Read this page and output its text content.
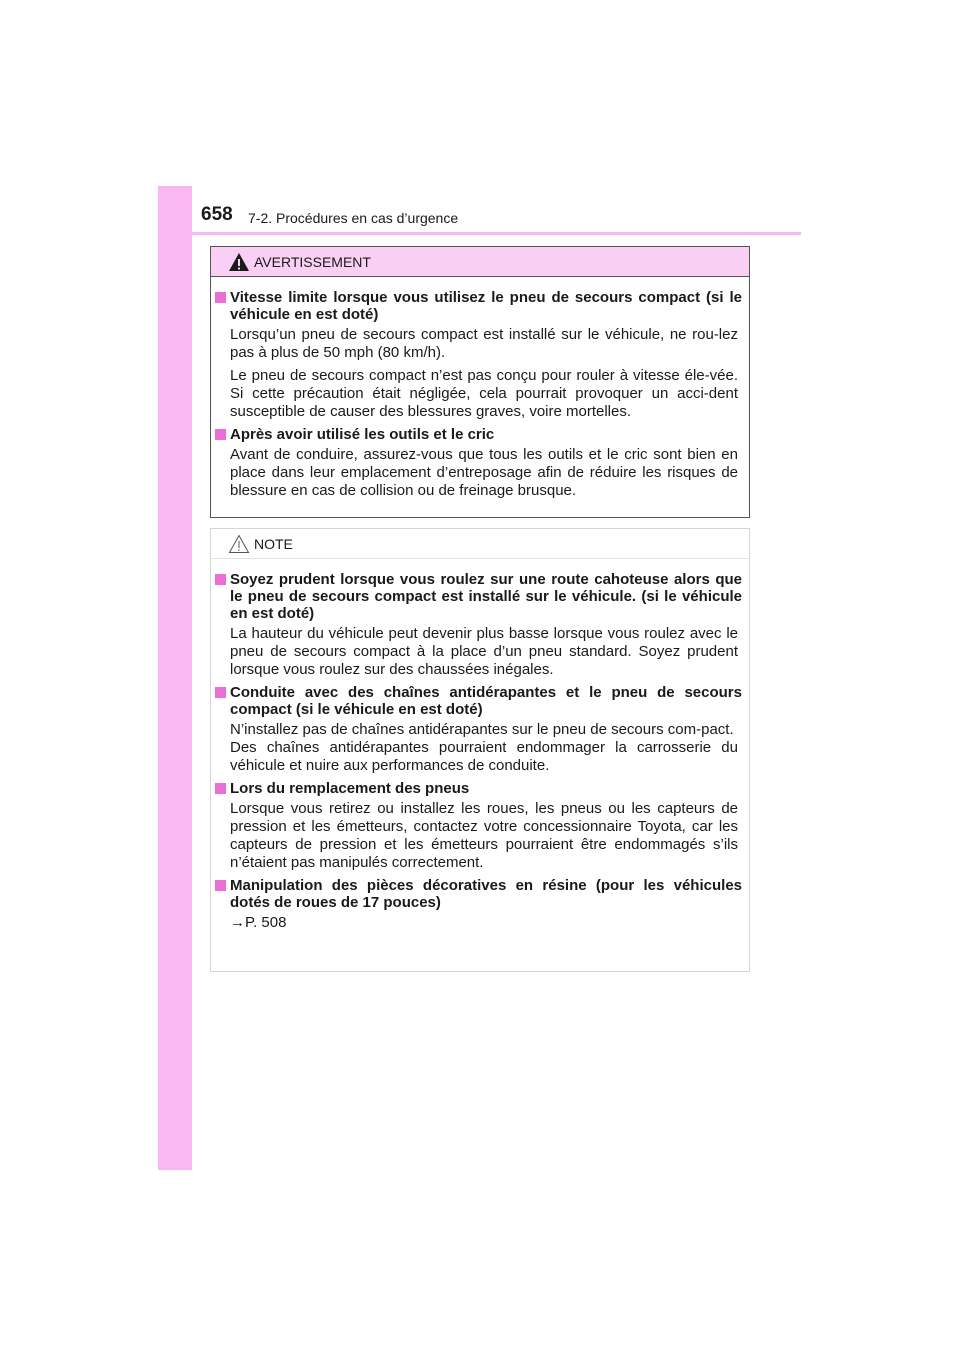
658 7-2. Procédures en cas d’urgence
AVERTISSEMENT
Vitesse limite lorsque vous utilisez le pneu de secours compact (si le véhicule en est doté)
Lorsqu’un pneu de secours compact est installé sur le véhicule, ne rou-lez pas à plus de 50 mph (80 km/h).
Le pneu de secours compact n’est pas conçu pour rouler à vitesse éle-vée. Si cette précaution était négligée, cela pourrait provoquer un acci-dent susceptible de causer des blessures graves, voire mortelles.
Après avoir utilisé les outils et le cric
Avant de conduire, assurez-vous que tous les outils et le cric sont bien en place dans leur emplacement d’entreposage afin de réduire les risques de blessure en cas de collision ou de freinage brusque.
NOTE
Soyez prudent lorsque vous roulez sur une route cahoteuse alors que le pneu de secours compact est installé sur le véhicule. (si le véhicule en est doté)
La hauteur du véhicule peut devenir plus basse lorsque vous roulez avec le pneu de secours compact à la place d’un pneu standard. Soyez prudent lorsque vous roulez sur des chaussées inégales.
Conduite avec des chaînes antidérapantes et le pneu de secours compact (si le véhicule en est doté)
N’installez pas de chaînes antidérapantes sur le pneu de secours com-pact.
Des chaînes antidérapantes pourraient endommager la carrosserie du véhicule et nuire aux performances de conduite.
Lors du remplacement des pneus
Lorsque vous retirez ou installez les roues, les pneus ou les capteurs de pression et les émetteurs, contactez votre concessionnaire Toyota, car les capteurs de pression et les émetteurs pourraient être endommagés s’ils n’étaient pas manipulés correctement.
Manipulation des pièces décoratives en résine (pour les véhicules dotés de roues de 17 pouces)
→P. 508
